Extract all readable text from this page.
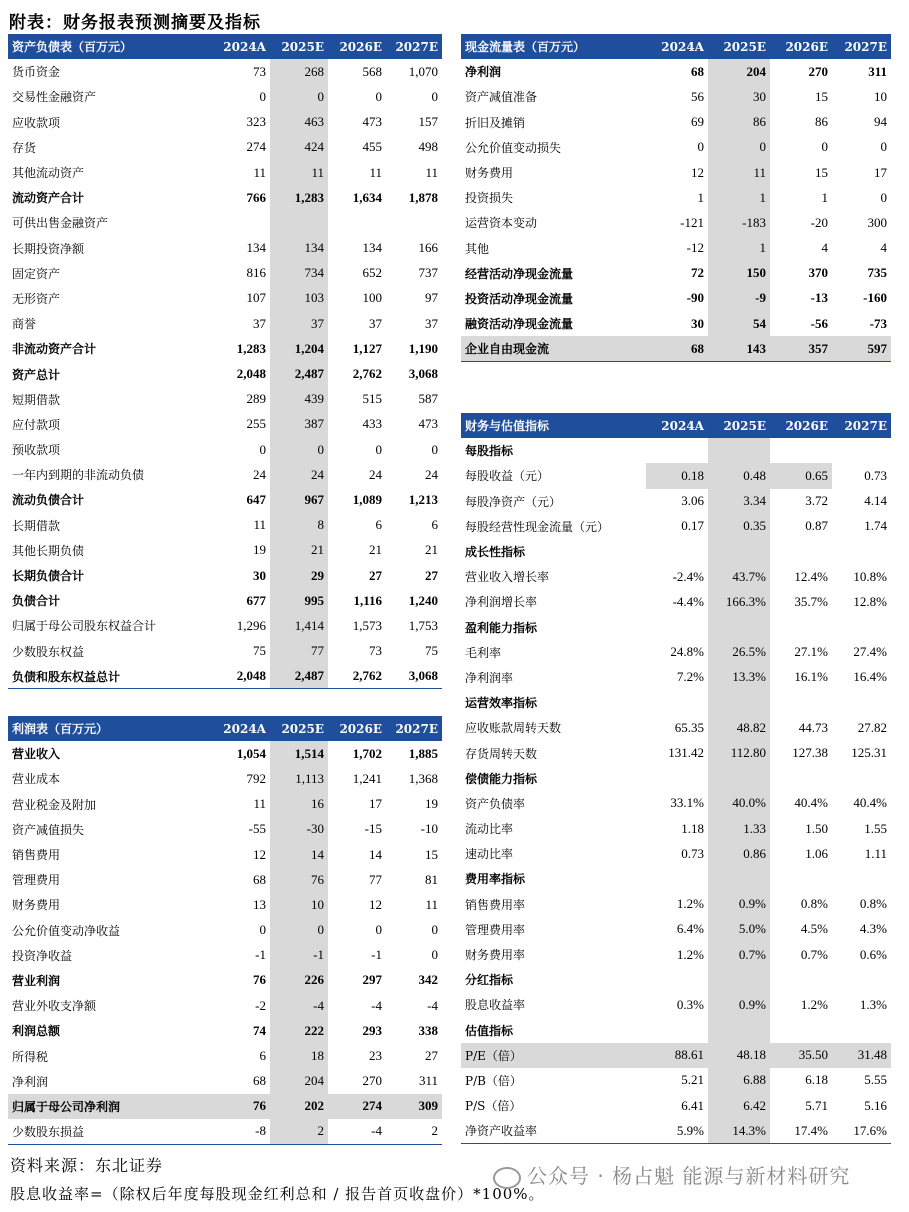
附表：财务报表预测摘要及指标
资产负债表（百万元）	2024A	2025E	2026E	2027E
货币资金	73	268	568	1,070
交易性金融资产	0	0	0	0
应收款项	323	463	473	157
存货	274	424	455	498
其他流动资产	11	11	11	11
流动资产合计	766	1,283	1,634	1,878
可供出售金融资产				
长期投资净额	134	134	134	166
固定资产	816	734	652	737
无形资产	107	103	100	97
商誉	37	37	37	37
非流动资产合计	1,283	1,204	1,127	1,190
资产总计	2,048	2,487	2,762	3,068
短期借款	289	439	515	587
应付款项	255	387	433	473
预收款项	0	0	0	0
一年内到期的非流动负债	24	24	24	24
流动负债合计	647	967	1,089	1,213
长期借款	11	8	6	6
其他长期负债	19	21	21	21
长期负债合计	30	29	27	27
负债合计	677	995	1,116	1,240
归属于母公司股东权益合计	1,296	1,414	1,573	1,753
少数股东权益	75	77	73	75
负债和股东权益总计	2,048	2,487	2,762	3,068
现金流量表（百万元）	2024A	2025E	2026E	2027E
净利润	68	204	270	311
资产减值准备	56	30	15	10
折旧及摊销	69	86	86	94
公允价值变动损失	0	0	0	0
财务费用	12	11	15	17
投资损失	1	1	1	0
运营资本变动	-121	-183	-20	300
其他	-12	1	4	4
经营活动净现金流量	72	150	370	735
投资活动净现金流量	-90	-9	-13	-160
融资活动净现金流量	30	54	-56	-73
企业自由现金流	68	143	357	597
利润表（百万元）	2024A	2025E	2026E	2027E
营业收入	1,054	1,514	1,702	1,885
营业成本	792	1,113	1,241	1,368
营业税金及附加	11	16	17	19
资产减值损失	-55	-30	-15	-10
销售费用	12	14	14	15
管理费用	68	76	77	81
财务费用	13	10	12	11
公允价值变动净收益	0	0	0	0
投资净收益	-1	-1	-1	0
营业利润	76	226	297	342
营业外收支净额	-2	-4	-4	-4
利润总额	74	222	293	338
所得税	6	18	23	27
净利润	68	204	270	311
归属于母公司净利润	76	202	274	309
少数股东损益	-8	2	-4	2
财务与估值指标	2024A	2025E	2026E	2027E
每股指标				
每股收益（元）	0.18	0.48	0.65	0.73
每股净资产（元）	3.06	3.34	3.72	4.14
每股经营性现金流量（元）	0.17	0.35	0.87	1.74
成长性指标				
营业收入增长率	-2.4%	43.7%	12.4%	10.8%
净利润增长率	-4.4%	166.3%	35.7%	12.8%
盈利能力指标				
毛利率	24.8%	26.5%	27.1%	27.4%
净利润率	7.2%	13.3%	16.1%	16.4%
运营效率指标				
应收账款周转天数	65.35	48.82	44.73	27.82
存货周转天数	131.42	112.80	127.38	125.31
偿债能力指标				
资产负债率	33.1%	40.0%	40.4%	40.4%
流动比率	1.18	1.33	1.50	1.55
速动比率	0.73	0.86	1.06	1.11
费用率指标				
销售费用率	1.2%	0.9%	0.8%	0.8%
管理费用率	6.4%	5.0%	4.5%	4.3%
财务费用率	1.2%	0.7%	0.7%	0.6%
分红指标				
股息收益率	0.3%	0.9%	1.2%	1.3%
估值指标				
P/E（倍）	88.61	48.18	35.50	31.48
P/B（倍）	5.21	6.88	6.18	5.55
P/S（倍）	6.41	6.42	5.71	5.16
净资产收益率	5.9%	14.3%	17.4%	17.6%
资料来源：东北证券
股息收益率=（除权后年度每股现金红利总和 / 报告首页收盘价）*100%。
公众号 · 杨占魁 能源与新材料研究
